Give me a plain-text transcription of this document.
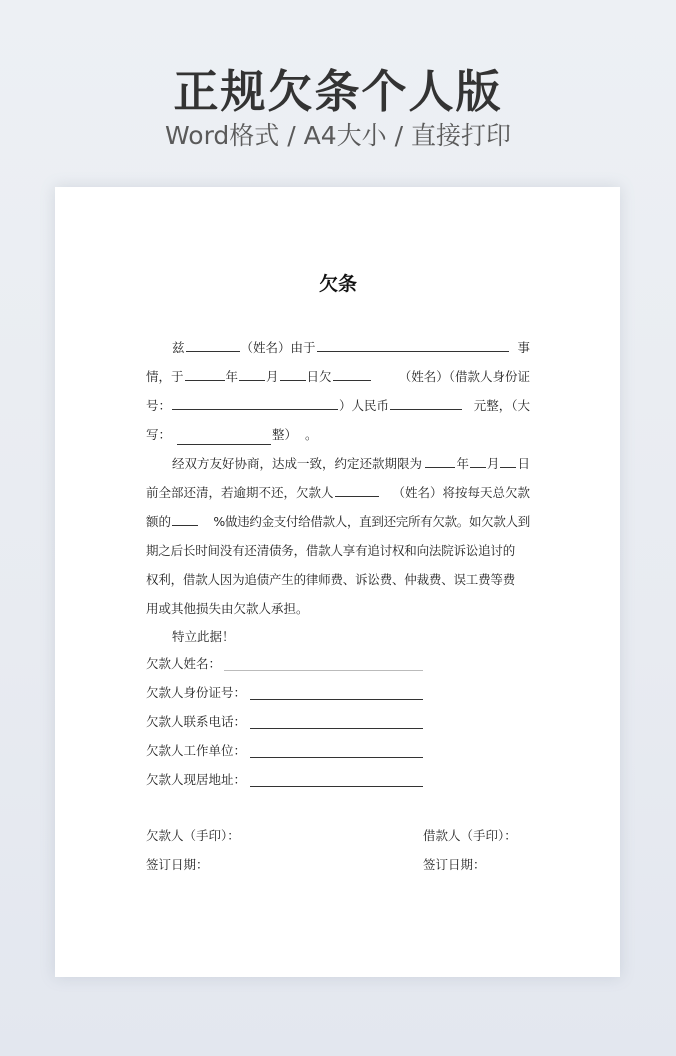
正规欠条个人版
Word格式 / A4大小 / 直接打印
欠条
兹	（姓名）由于	事
情，于	年 月 日欠	（姓名）（借款人身份证
号：	）人民币	元整，（大
写：	整） 。
经双方友好协商，达成一致，约定还款期限为	年 月 日
前全部还清，若逾期不还，欠款人	（姓名）将按每天总欠款
额的	%做违约金支付给借款人，直到还完所有欠款。如欠款人到
期之后长时间没有还清债务，借款人享有追讨权和向法院诉讼追讨的
权利，借款人因为追债产生的律师费、诉讼费、仲裁费、误工费等费
用或其他损失由欠款人承担。
特立此据！
欠款人姓名：
欠款人身份证号：
欠款人联系电话：
欠款人工作单位：
欠款人现居地址：
欠款人（手印）：	借款人（手印）：
签订日期：	签订日期：
